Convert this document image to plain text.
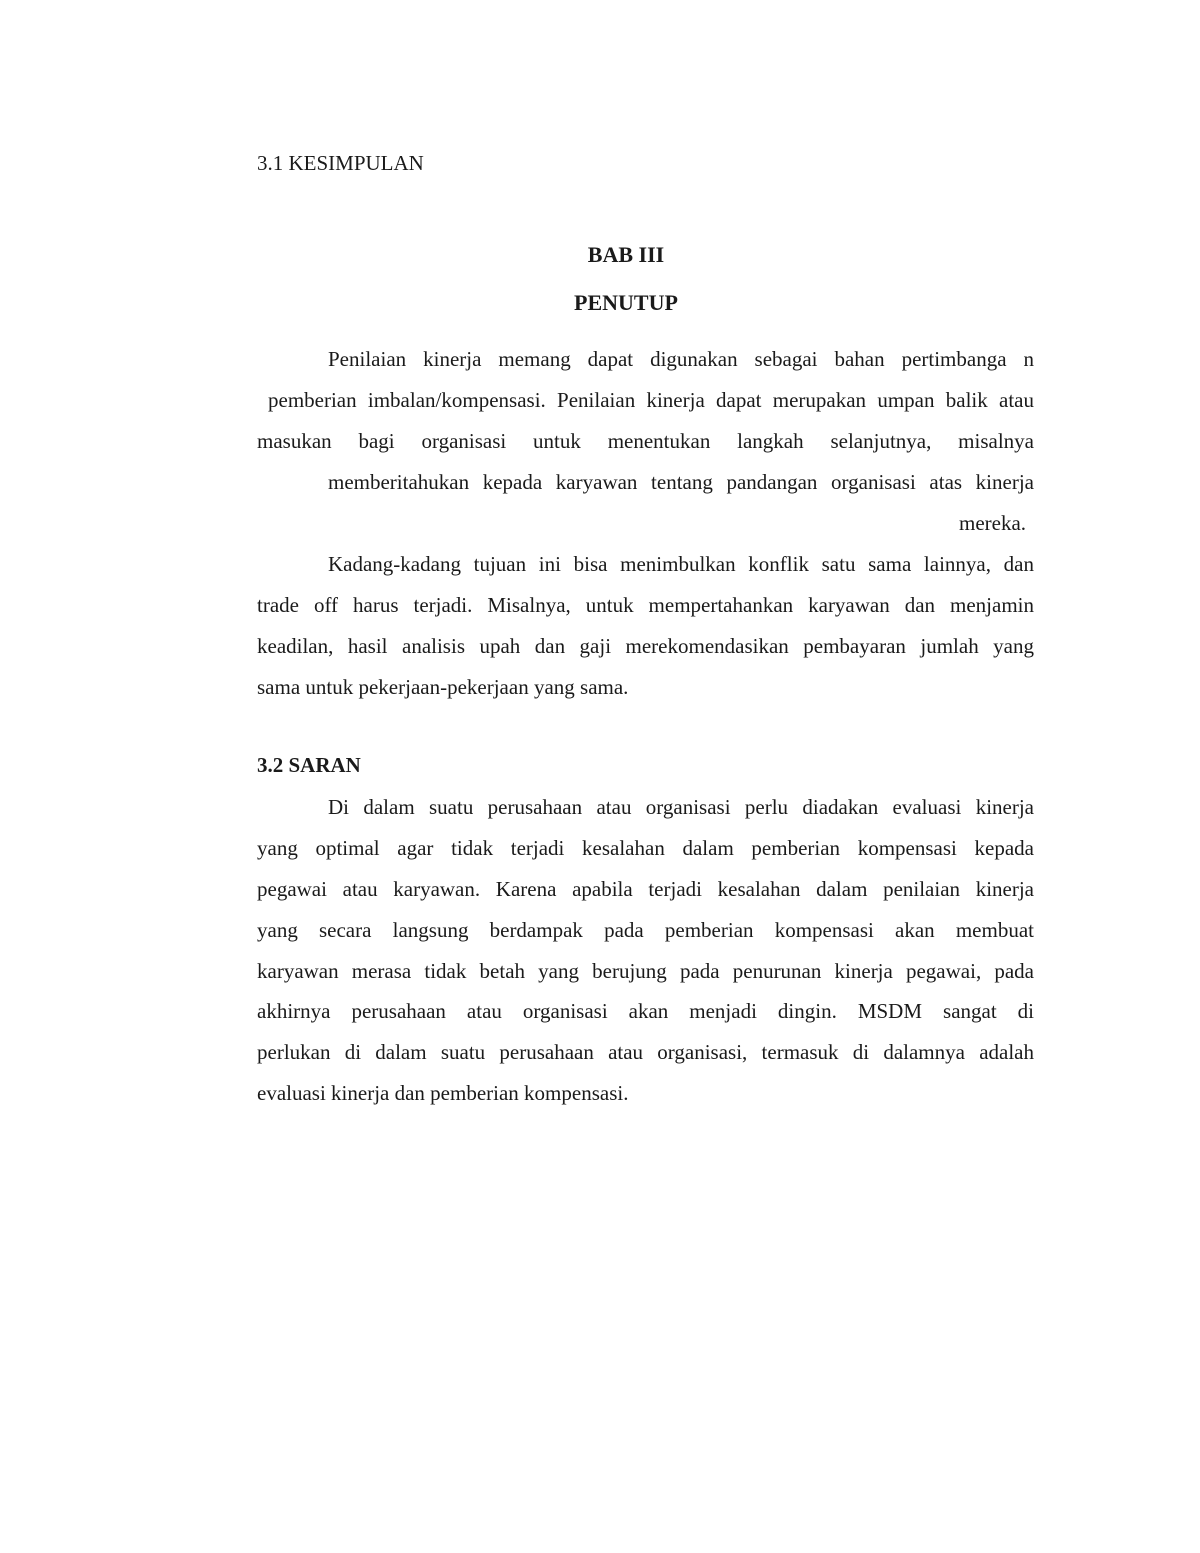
3.1 KESIMPULAN
BAB III
PENUTUP
Penilaian kinerja memang dapat digunakan sebagai bahan pertimbanga n
pemberian imbalan/kompensasi. Penilaian kinerja dapat merupakan umpan balik atau
masukan bagi organisasi untuk menentukan langkah selanjutnya, misalnya
memberitahukan kepada karyawan tentang pandangan organisasi atas kinerja
mereka.
Kadang-kadang tujuan ini bisa menimbulkan konflik satu sama lainnya, dan
trade off harus terjadi. Misalnya, untuk mempertahankan karyawan dan menjamin
keadilan, hasil analisis upah dan gaji merekomendasikan pembayaran jumlah yang
sama untuk pekerjaan-pekerjaan yang sama.
3.2 SARAN
Di dalam suatu perusahaan atau organisasi perlu diadakan evaluasi kinerja
yang optimal agar tidak terjadi kesalahan dalam pemberian kompensasi kepada
pegawai atau karyawan. Karena apabila terjadi kesalahan dalam penilaian kinerja
yang secara langsung berdampak pada pemberian kompensasi akan membuat
karyawan merasa tidak betah yang berujung pada penurunan kinerja pegawai, pada
akhirnya perusahaan atau organisasi akan menjadi dingin. MSDM sangat di
perlukan di dalam suatu perusahaan atau organisasi, termasuk di dalamnya adalah
evaluasi kinerja dan pemberian kompensasi.
